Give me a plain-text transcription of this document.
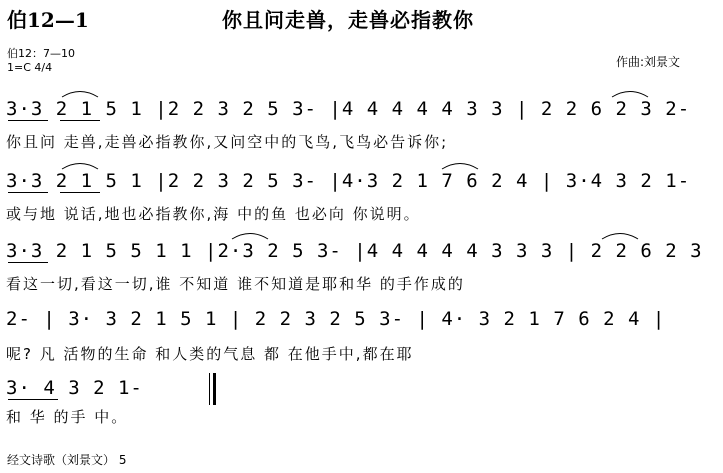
伯12—1	你且问走兽，走兽必指教你
伯12：7—10
1=C 4/4	作曲:刘景文
3·3 2 1 5 1 |2 2 3 2 5 3- |4 4 4 4 4 3 3 | 2 2 6 2 3 2-
你且问 走兽,走兽必指教你,又问空中的飞鸟,飞鸟必告诉你;
3·3 2 1 5 1 |2 2 3 2 5 3- |4·3 2 1 7 6 2 4 | 3·4 3 2 1-
或与地 说话,地也必指教你,海 中的鱼 也必向 你说明。
3·3 2 1 5 5 1 1 |2·3 2 5 3- |4 4 4 4 4 3 3 3 | 2 2 6 2 3
看这一切,看这一切,谁 不知道 谁不知道是耶和华 的手作成的
2- | 3· 3 2 1 5 1 | 2 2 3 2 5 3- | 4· 3 2 1 7 6 2 4 |
呢? 凡 活物的生命 和人类的气息 都 在他手中,都在耶
3· 4 3 2 1-
和 华 的手 中。
经文诗歌（刘景文） 5
